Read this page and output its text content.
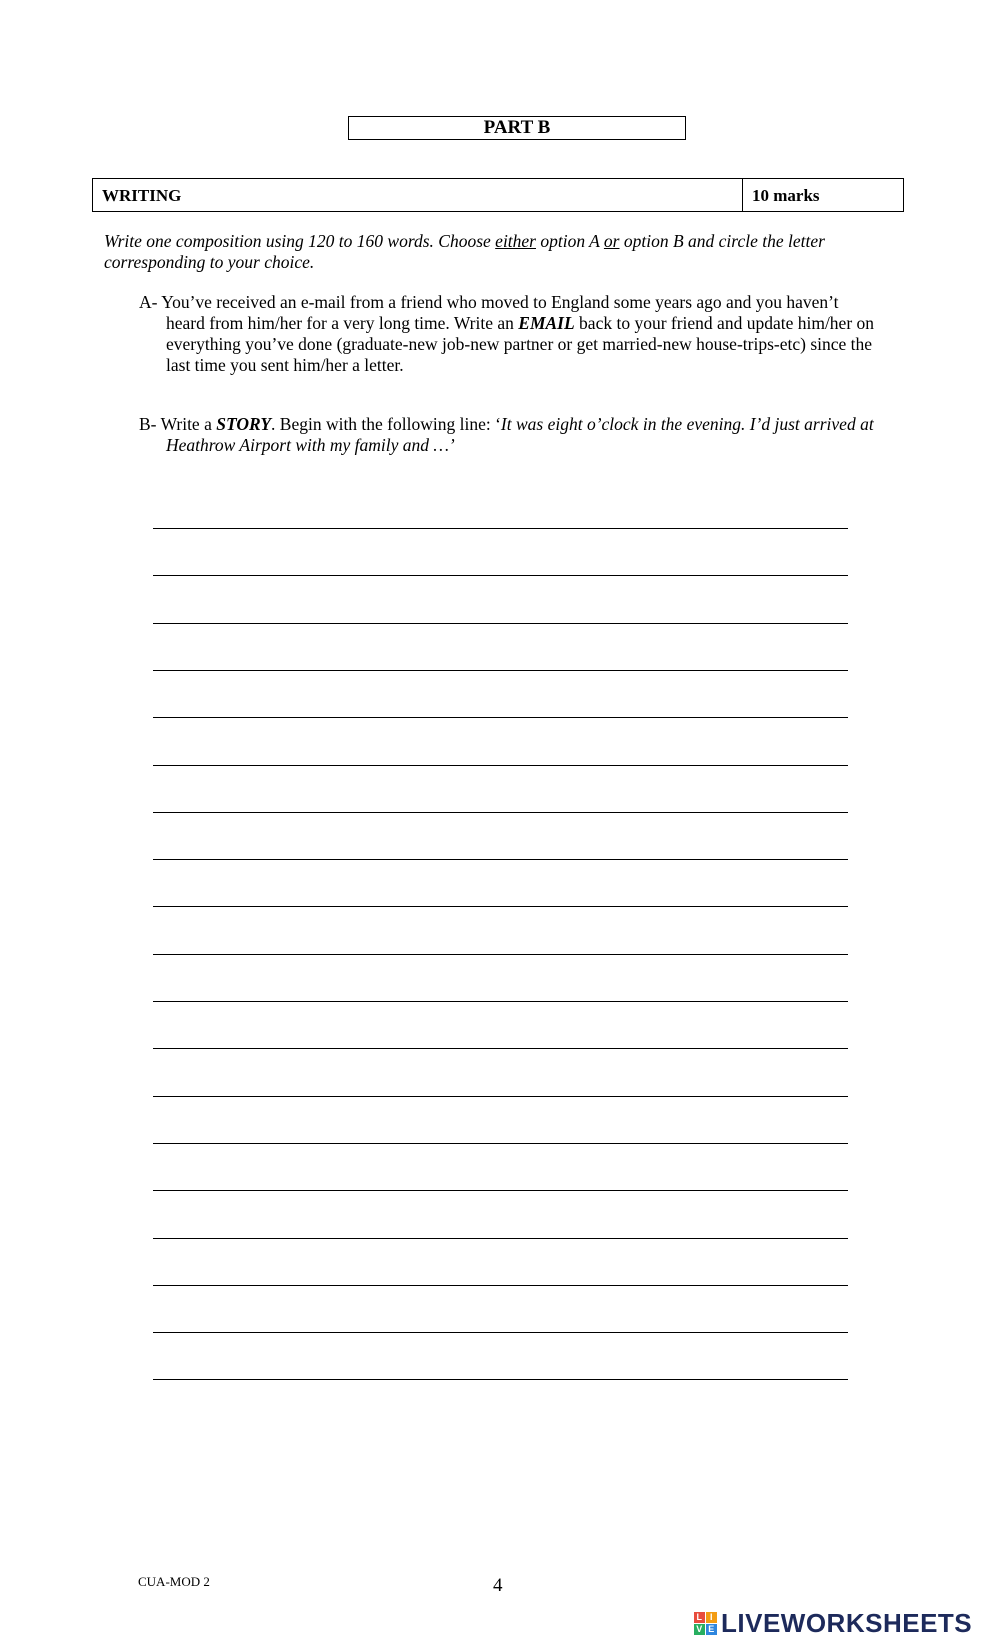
PART B
WRITING	10 marks
Write one composition using 120 to 160 words. Choose either option A or option B and circle the letter corresponding to your choice.
A- You’ve received an e-mail from a friend who moved to England some years ago and you haven’t heard from him/her for a very long time. Write an EMAIL back to your friend and update him/her on everything you’ve done (graduate-new job-new partner or get married-new house-trips-etc) since the last time you sent him/her a letter.
B- Write a STORY. Begin with the following line: ‘It was eight o’clock in the evening. I’d just arrived at Heathrow Airport with my family and …’
CUA-MOD 2	4
L I
V E LIVEWORKSHEETS
